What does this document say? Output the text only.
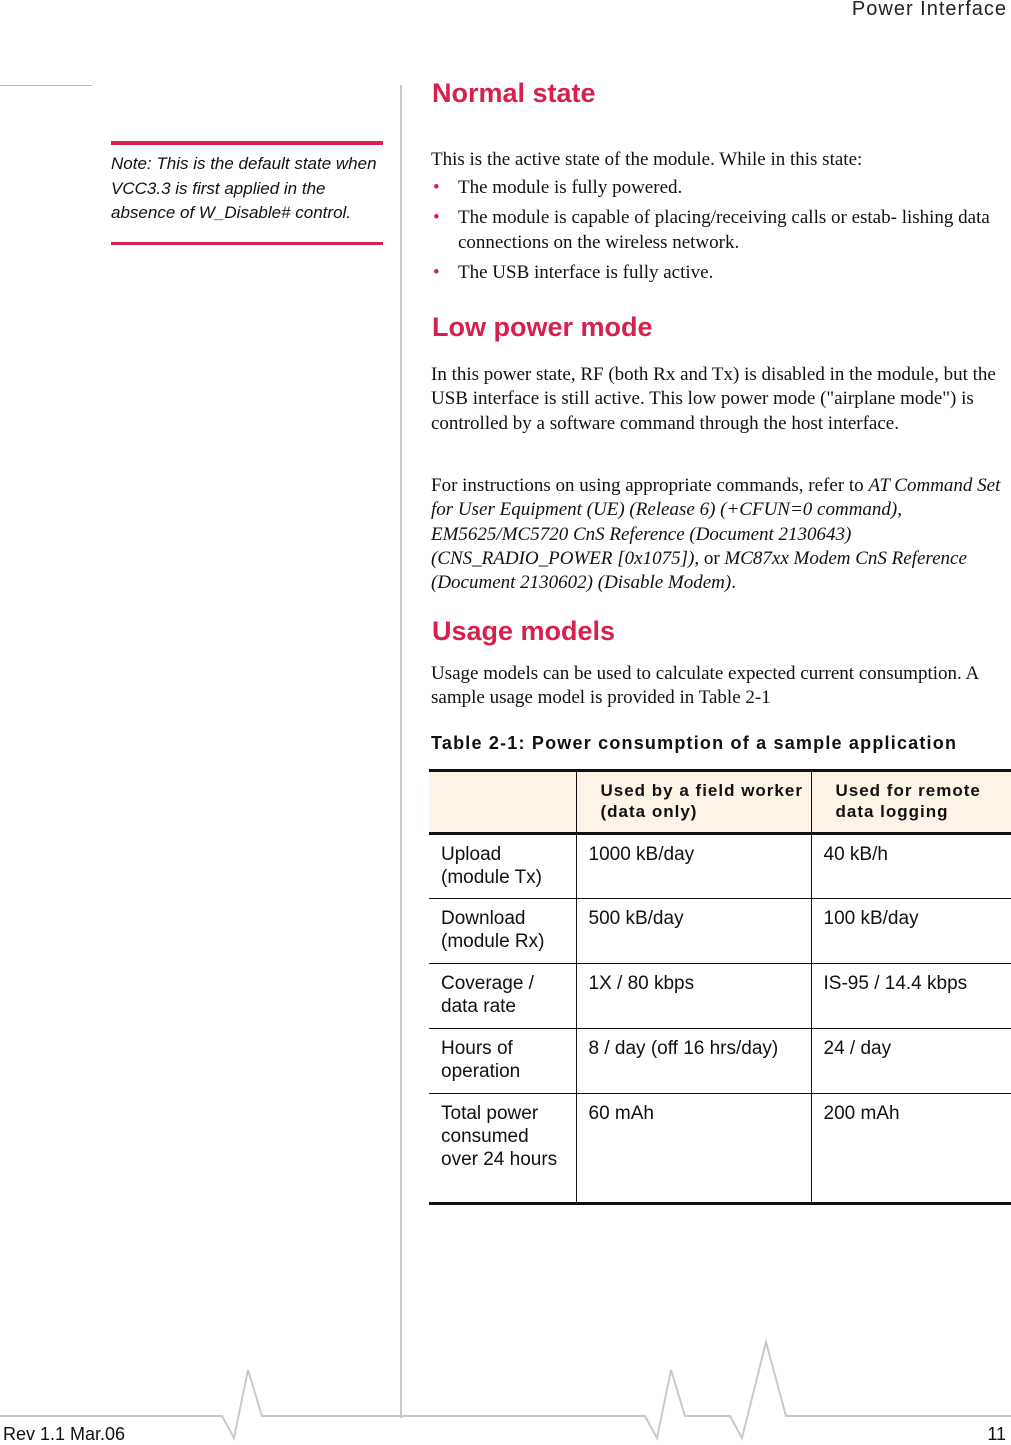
Power Interface
Note: This is the default state when VCC3.3 is first applied in the absence of W_Disable# control.
Normal state

This is the active state of the module. While in this state:

• The module is fully powered.
• The module is capable of placing/receiving calls or estab- lishing data connections on the wireless network.
• The USB interface is fully active.
Low power mode

In this power state, RF (both Rx and Tx) is disabled in the module, but the USB interface is still active. This low power mode ("airplane mode") is controlled by a software command through the host interface.

For instructions on using appropriate commands, refer to AT Command Set for User Equipment (UE) (Release 6) (+CFUN=0 command), EM5625/MC5720 CnS Reference (Document 2130643) (CNS_RADIO_POWER [0x1075]), or MC87xx Modem CnS Reference (Document 2130602) (Disable Modem).

Usage models

Usage models can be used to calculate expected current consumption. A sample usage model is provided in Table 2-1

Table 2-1: Power consumption of a sample application
	Used by a field worker (data only)	Used for remote data logging
Upload (module Tx)	1000 kB/day	40 kB/h
Download (module Rx)	500 kB/day	100 kB/day
Coverage / data rate	1X / 80 kbps	IS-95 / 14.4 kbps
Hours of operation	8 / day (off 16 hrs/day)	24 / day
Total power consumed over 24 hours	60 mAh	200 mAh
Rev 1.1 Mar.06	11
